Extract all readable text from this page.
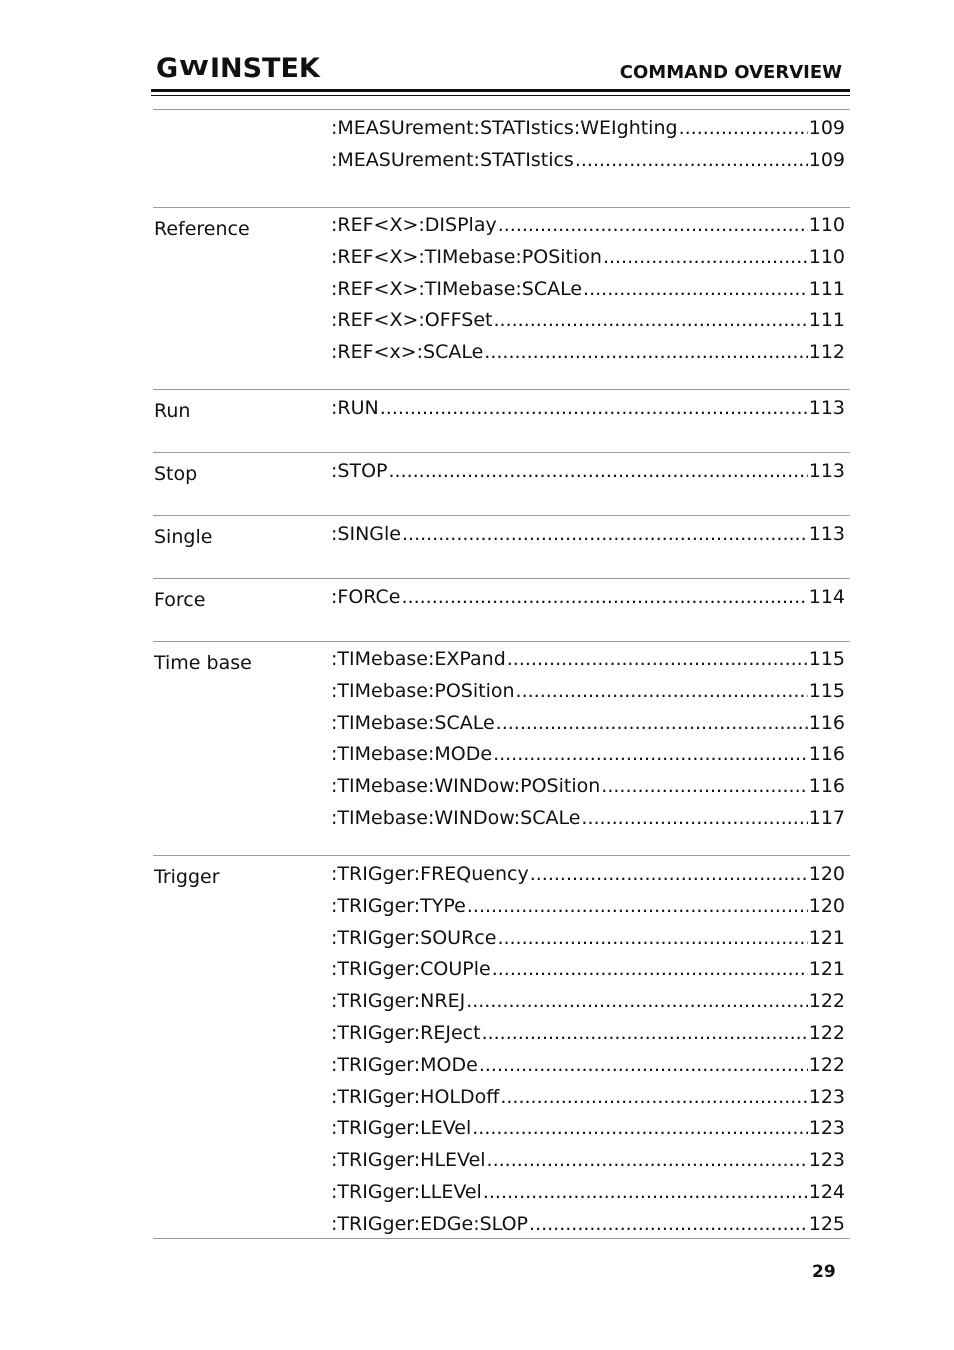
GWINSTEK	COMMAND OVERVIEW
:MEASUrement:STATIstics:WEIghting .....	109
:MEASUrement:STATIstics .....	109
Reference	:REF<X>:DISPlay .....	110
:REF<X>:TIMebase:POSition .....	110
:REF<X>:TIMebase:SCALe .....	111
:REF<X>:OFFSet .....	111
:REF<x>:SCALe .....	112
Run	:RUN .....	113
Stop	:STOP .....	113
Single	:SINGle .....	113
Force	:FORCe .....	114
Time base	:TIMebase:EXPand .....	115
:TIMebase:POSition .....	115
:TIMebase:SCALe .....	116
:TIMebase:MODe .....	116
:TIMebase:WINDow:POSition .....	116
:TIMebase:WINDow:SCALe .....	117
Trigger	:TRIGger:FREQuency .....	120
:TRIGger:TYPe .....	120
:TRIGger:SOURce .....	121
:TRIGger:COUPle .....	121
:TRIGger:NREJ .....	122
:TRIGger:REJect .....	122
:TRIGger:MODe .....	122
:TRIGger:HOLDoff .....	123
:TRIGger:LEVel .....	123
:TRIGger:HLEVel .....	123
:TRIGger:LLEVel .....	124
:TRIGger:EDGe:SLOP .....	125
29
